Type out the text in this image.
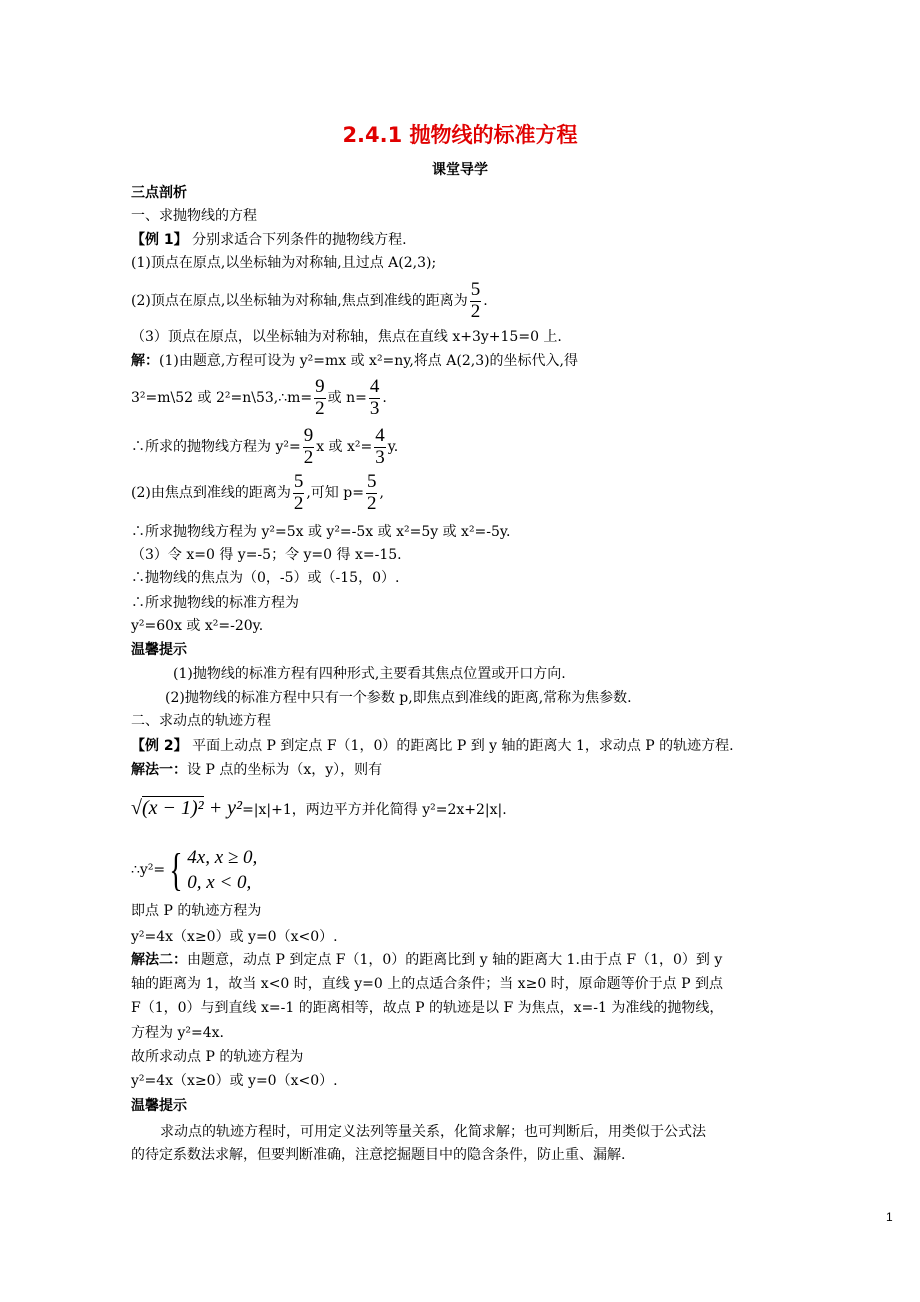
2.4.1 抛物线的标准方程
课堂导学
三点剖析
一、求抛物线的方程
【例 1】 分别求适合下列条件的抛物线方程.
(1)顶点在原点,以坐标轴为对称轴,且过点 A(2,3);
(2)顶点在原点,以坐标轴为对称轴,焦点到准线的距离为 $\frac{5}{2}$ .
（3）顶点在原点，以坐标轴为对称轴，焦点在直线 x+3y+15=0 上.
解：(1)由题意,方程可设为 y²=mx 或 x²=ny,将点 A(2,3)的坐标代入,得
3²=m\52 或 2²=n\53,∴m= $\frac{9}{2}$ 或 $n= \frac{4}{3}$ .
∴所求的抛物线方程为 $y^2= \frac{9}{2}$ x 或 $x^2= \frac{4}{3} y$.
(2)由焦点到准线的距离为 $\frac{5}{2}$ ,可知 $p= \frac{5}{2}$ ,
∴所求抛物线方程为 y²=5x 或 y²=-5x 或 x²=5y 或 x²=-5y.
（3）令 x=0 得 y=-5；令 y=0 得 x=-15.
∴抛物线的焦点为（0，-5）或（-15，0）.
∴所求抛物线的标准方程为
y²=60x 或 x²=-20y.
温馨提示
(1)抛物线的标准方程有四种形式,主要看其焦点位置或开口方向.
(2)抛物线的标准方程中只有一个参数 p,即焦点到准线的距离,常称为焦参数.
二、求动点的轨迹方程
【例 2】 平面上动点 P 到定点 F（1，0）的距离比 P 到 y 轴的距离大 1，求动点 P 的轨迹方程.
解法一：设 P 点的坐标为（x，y），则有
√(x − 1)² + y²=|x|+1，两边平方并化简得 y²=2x+2|x|.
∴y²= { 4x, x ≥ 0,
0, x < 0,
即点 P 的轨迹方程为
y²=4x（x≥0）或 y=0（x<0）.
解法二：由题意，动点 P 到定点 F（1，0）的距离比到 y 轴的距离大 1.由于点 F（1，0）到 y
轴的距离为 1，故当 x<0 时，直线 y=0 上的点适合条件；当 x≥0 时，原命题等价于点 P 到点
F（1，0）与到直线 x=-1 的距离相等，故点 P 的轨迹是以 F 为焦点，x=-1 为准线的抛物线，
方程为 y²=4x.
故所求动点 P 的轨迹方程为
y²=4x（x≥0）或 y=0（x<0）.
温馨提示
求动点的轨迹方程时，可用定义法列等量关系，化简求解；也可判断后，用类似于公式法
的待定系数法求解，但要判断准确，注意挖掘题目中的隐含条件，防止重、漏解.
1
